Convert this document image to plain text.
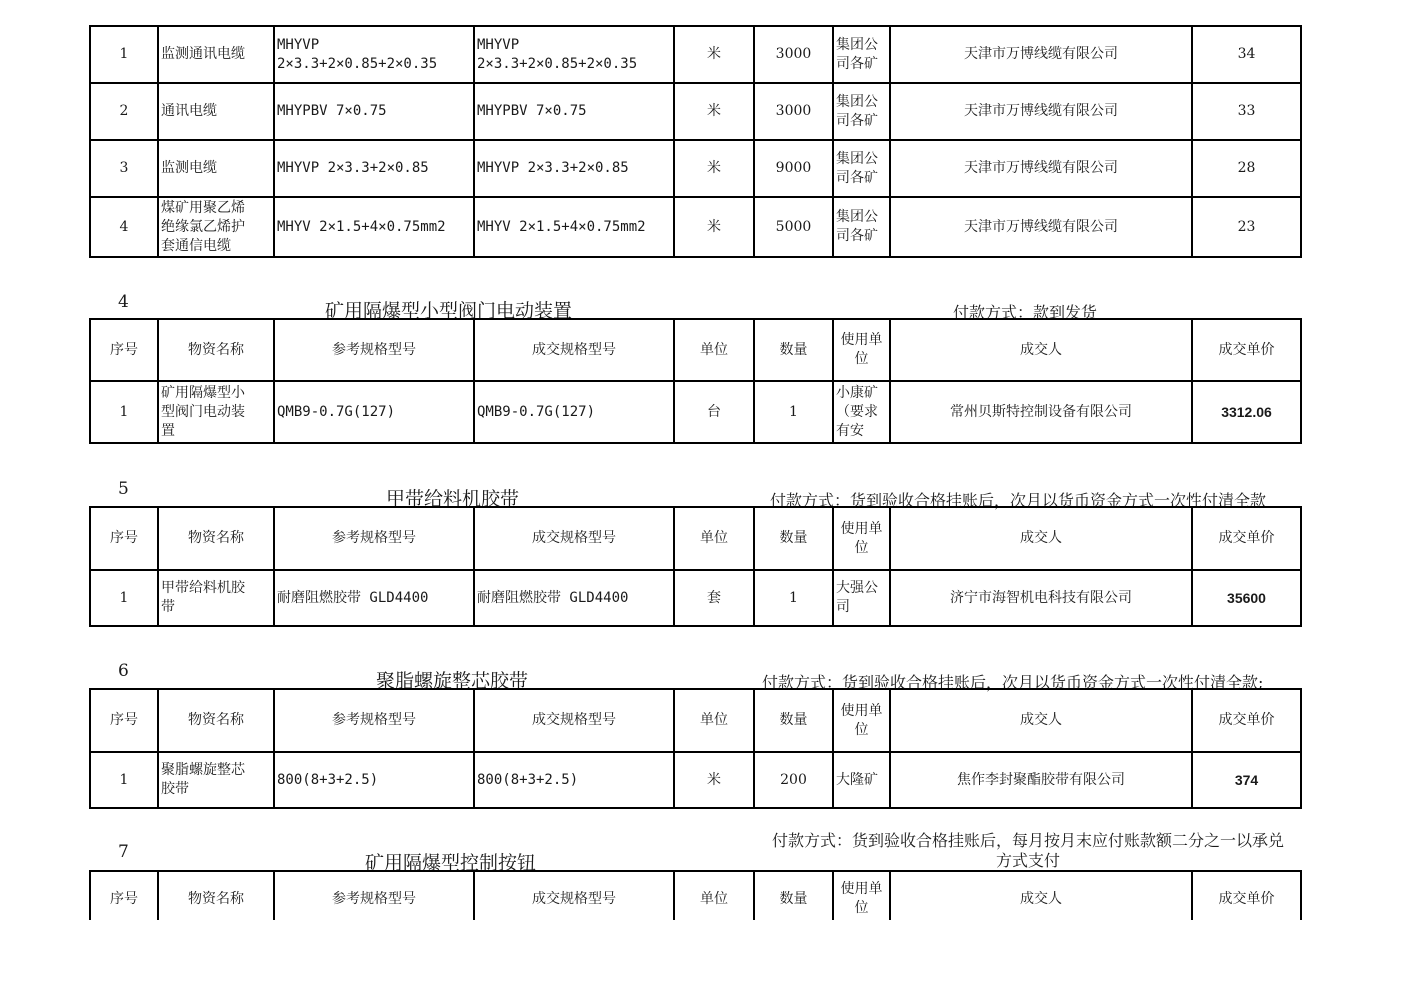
1	监测通讯电缆	MHYVP
2×3.3+2×0.85+2×0.35	MHYVP
2×3.3+2×0.85+2×0.35	米	3000	集团公
司各矿	天津市万博线缆有限公司	34
2	通讯电缆	MHYPBV 7×0.75	MHYPBV 7×0.75	米	3000	集团公
司各矿	天津市万博线缆有限公司	33
3	监测电缆	MHYVP 2×3.3+2×0.85	MHYVP 2×3.3+2×0.85	米	9000	集团公
司各矿	天津市万博线缆有限公司	28
4	煤矿用聚乙烯
绝缘氯乙烯护
套通信电缆	MHYV 2×1.5+4×0.75mm2	MHYV 2×1.5+4×0.75mm2	米	5000	集团公
司各矿	天津市万博线缆有限公司	23
4	矿用隔爆型小型阀门电动装置	付款方式：款到发货
序号	物资名称	参考规格型号	成交规格型号	单位	数量	使用单
位	成交人	成交单价
1	矿用隔爆型小
型阀门电动装
置	QMB9-0.7G(127)	QMB9-0.7G(127)	台	1	小康矿
（要求
有安	常州贝斯特控制设备有限公司	3312.06
5	甲带给料机胶带	付款方式：货到验收合格挂账后，次月以货币资金方式一次性付清全款
序号	物资名称	参考规格型号	成交规格型号	单位	数量	使用单
位	成交人	成交单价
1	甲带给料机胶
带	耐磨阻燃胶带 GLD4400	耐磨阻燃胶带 GLD4400	套	1	大强公
司	济宁市海智机电科技有限公司	35600
6	聚脂螺旋整芯胶带	付款方式：货到验收合格挂账后，次月以货币资金方式一次性付清全款;
序号	物资名称	参考规格型号	成交规格型号	单位	数量	使用单
位	成交人	成交单价
1	聚脂螺旋整芯
胶带	800(8+3+2.5)	800(8+3+2.5)	米	200	大隆矿	焦作李封聚酯胶带有限公司	374
7	矿用隔爆型控制按钮
付款方式：货到验收合格挂账后，每月按月末应付账款额二分之一以承兑
方式支付
序号	物资名称	参考规格型号	成交规格型号	单位	数量	使用单
位	成交人	成交单价
